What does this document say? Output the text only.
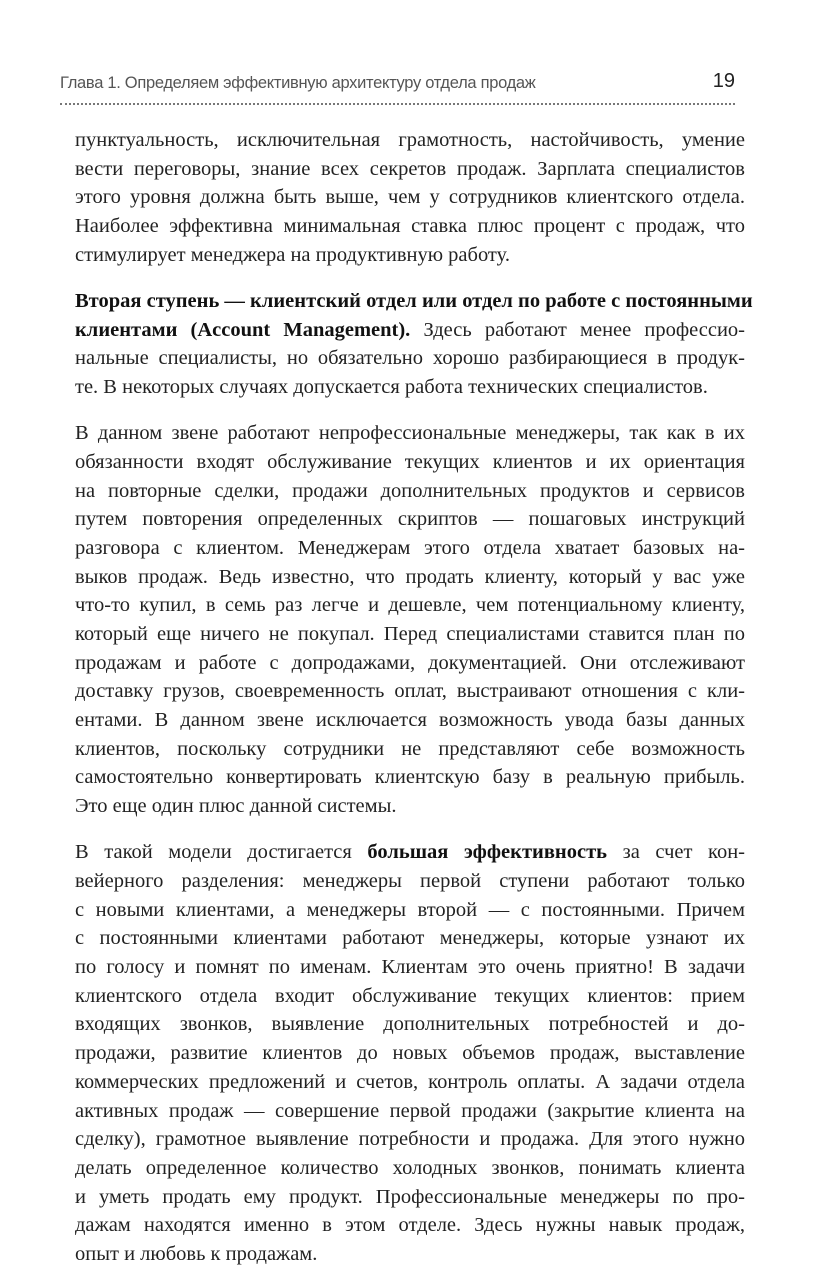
Глава 1. Определяем эффективную архитектуру отдела продаж	19
пунктуальность, исключительная грамотность, настойчивость, умение
вести переговоры, знание всех секретов продаж. Зарплата специалистов
этого уровня должна быть выше, чем у сотрудников клиентского отдела.
Наиболее эффективна минимальная ставка плюс процент с продаж, что
стимулирует менеджера на продуктивную работу.
Вторая ступень — клиентский отдел или отдел по работе с постоянными
клиентами (Account Management). Здесь работают менее профессио-
нальные специалисты, но обязательно хорошо разбирающиеся в продук-
те. В некоторых случаях допускается работа технических специалистов.
В данном звене работают непрофессиональные менеджеры, так как в их
обязанности входят обслуживание текущих клиентов и их ориентация
на повторные сделки, продажи дополнительных продуктов и сервисов
путем повторения определенных скриптов — пошаговых инструкций
разговора с клиентом. Менеджерам этого отдела хватает базовых на-
выков продаж. Ведь известно, что продать клиенту, который у вас уже
что-то купил, в семь раз легче и дешевле, чем потенциальному клиенту,
который еще ничего не покупал. Перед специалистами ставится план по
продажам и работе с допродажами, документацией. Они отслеживают
доставку грузов, своевременность оплат, выстраивают отношения с кли-
ентами. В данном звене исключается возможность увода базы данных
клиентов, поскольку сотрудники не представляют себе возможность
самостоятельно конвертировать клиентскую базу в реальную прибыль.
Это еще один плюс данной системы.
В такой модели достигается большая эффективность за счет кон-
вейерного разделения: менеджеры первой ступени работают только
с новыми клиентами, а менеджеры второй — с постоянными. Причем
с постоянными клиентами работают менеджеры, которые узнают их
по голосу и помнят по именам. Клиентам это очень приятно! В задачи
клиентского отдела входит обслуживание текущих клиентов: прием
входящих звонков, выявление дополнительных потребностей и до-
продажи, развитие клиентов до новых объемов продаж, выставление
коммерческих предложений и счетов, контроль оплаты. А задачи отдела
активных продаж — совершение первой продажи (закрытие клиента на
сделку), грамотное выявление потребности и продажа. Для этого нужно
делать определенное количество холодных звонков, понимать клиента
и уметь продать ему продукт. Профессиональные менеджеры по про-
дажам находятся именно в этом отделе. Здесь нужны навык продаж,
опыт и любовь к продажам.
